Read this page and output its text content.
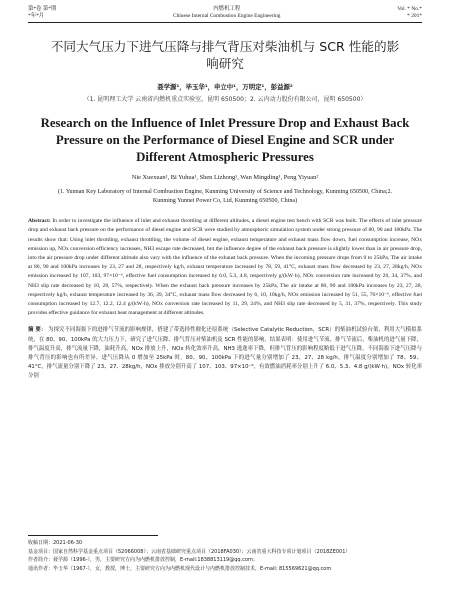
第*卷 第*期
*年*月
内燃机工程
Chinese Internal Combustion Engine Engineering
Vol. * No.*
* 201*
不同大气压力下进气压降与排气背压对柴油机与 SCR 性能的影响研究
聂学源¹，毕玉华¹，申立中¹，万明定¹，彭益源²
（1. 昆明理工大学 云南省内燃机重点实验室，昆明 650500；2. 云内动力股份有限公司，昆明 650500）
Research on the Influence of Inlet Pressure Drop and Exhaust Back Pressure on the Performance of Diesel Engine and SCR under Different Atmospheric Pressures
Nie Xuexuan¹, Bi Yuhua¹, Shen Lizhong¹, Wan Mingding¹, Peng Yiyuan²
(1. Yunnan Key Laboratory of Internal Combustion Engine, Kunming University of Science and Technology, Kunming 650500, China;2. Kunming Yunnei Power Co, Ltd, Kunming 650500, China)
Abstract: In order to investigate the influence of inlet and exhaust throttling at different altitudes, a diesel engine test bench with SCR was built. The effects of inlet pressure drop and exhaust back pressure on the performance of diesel engine and SCR were studied by atmospheric simulation system under strong pressure of 80, 90 and 100kPa. The results show that: Using inlet throttling, exhaust throttling, the volume of diesel engine, exhaust temperature and exhaust mass flow down, fuel consumption increase, NOx emission up, NOx conversion efficiency increases, NH3 escape rate decreased, but the influence degree of the exhaust back pressure is slightly lower than in air pressure drop, into the air pressure drop under different altitude also vary with the influence of the exhaust back pressure. When the incoming pressure drops from 0 to 25kPa, The air intake at 80, 90 and 100kPa increases by 23, 27 and 28, respectively kg/h, exhaust temperature increased by 78, 59, 41°C, exhaust mass flow decreased by 23, 27, 28kg/h, NOx emission increased by 107, 103, 97×10⁻⁶, effective fuel consumption increased by 6.0, 5.3, 4.8, respectively g/(kW·h), NOx conversion rate increased by 20, 34, 37%, and NH3 slip rate decreased by 10, 28, 57%, respectively. When the exhaust back pressure increases by 25kPa, The air intake at 80, 90 and 100kPa increases by 23, 27, 28, respectively kg/h, exhaust temperature increased by 36, 39, 34°C, exhaust mass flow decreased by 6, 10, 10kg/h, NOx emission increased by 51, 55, 76×10⁻⁶, effective fuel consumption increased by 12.7, 12.2, 12.4 g/(kW·h), NOx conversion rate increased by 11, 29, 24%, and NH3 slip rate decreased by 5, 31, 37%, respectively. This study provides effective guidance for exhaust heat management at different altitudes.
摘 要： 为探究不同海拔下的进排气节流的影响规律，搭建了带选择性催化还原系统（Selective Catalytic Reduction，SCR）的柴油机试验台架，利用大气模拟系统，在 80、90、100kPa 的大力压力下，研究了进气压降、排气背压对柴油机及 SCR 性能的影响。结果表明：使用进气节流、排气节流后，柴油机的进气量下降，排气温度升高，排气流量下降，油耗升高，NOx 排放上升，NOx 转化效率升高，NH3 逃逸率下降，但排气背压的影响程度略低于进气压降，不同海拔下进气压降与排气背压的影响也有所差异。进气压降从 0 增加至 25kPa 时，80、90、100kPa 下的进气量分别增加了 23、27、28 kg/h，排气温度分别增加了 78、59、41°C，排气流量分别下降了 23、27、28kg/h，NOx 排放分别升高了 107、103、97×10⁻⁶，有效燃油消耗率分别上升了 6.0、5.3、4.8 g/(kW·h)，NOx 转化率分别

收稿日期：2021-06-30

基金项目：国家自然科学基金重点项目（52066008）；云南省基础研究重点项目（2018FA030）；云南省重大科技专项计划项目（2018ZE001）

作者简介：聂学源（1996-），男，主要研究方向为内燃机排放控制，E-mail:1838813119@qq.com；

通讯作者：毕玉华（1967-），女，教授，博士，主要研究方向为内燃机现代设计与内燃机排放控制技术，E-mail: 815569621@qq.com
